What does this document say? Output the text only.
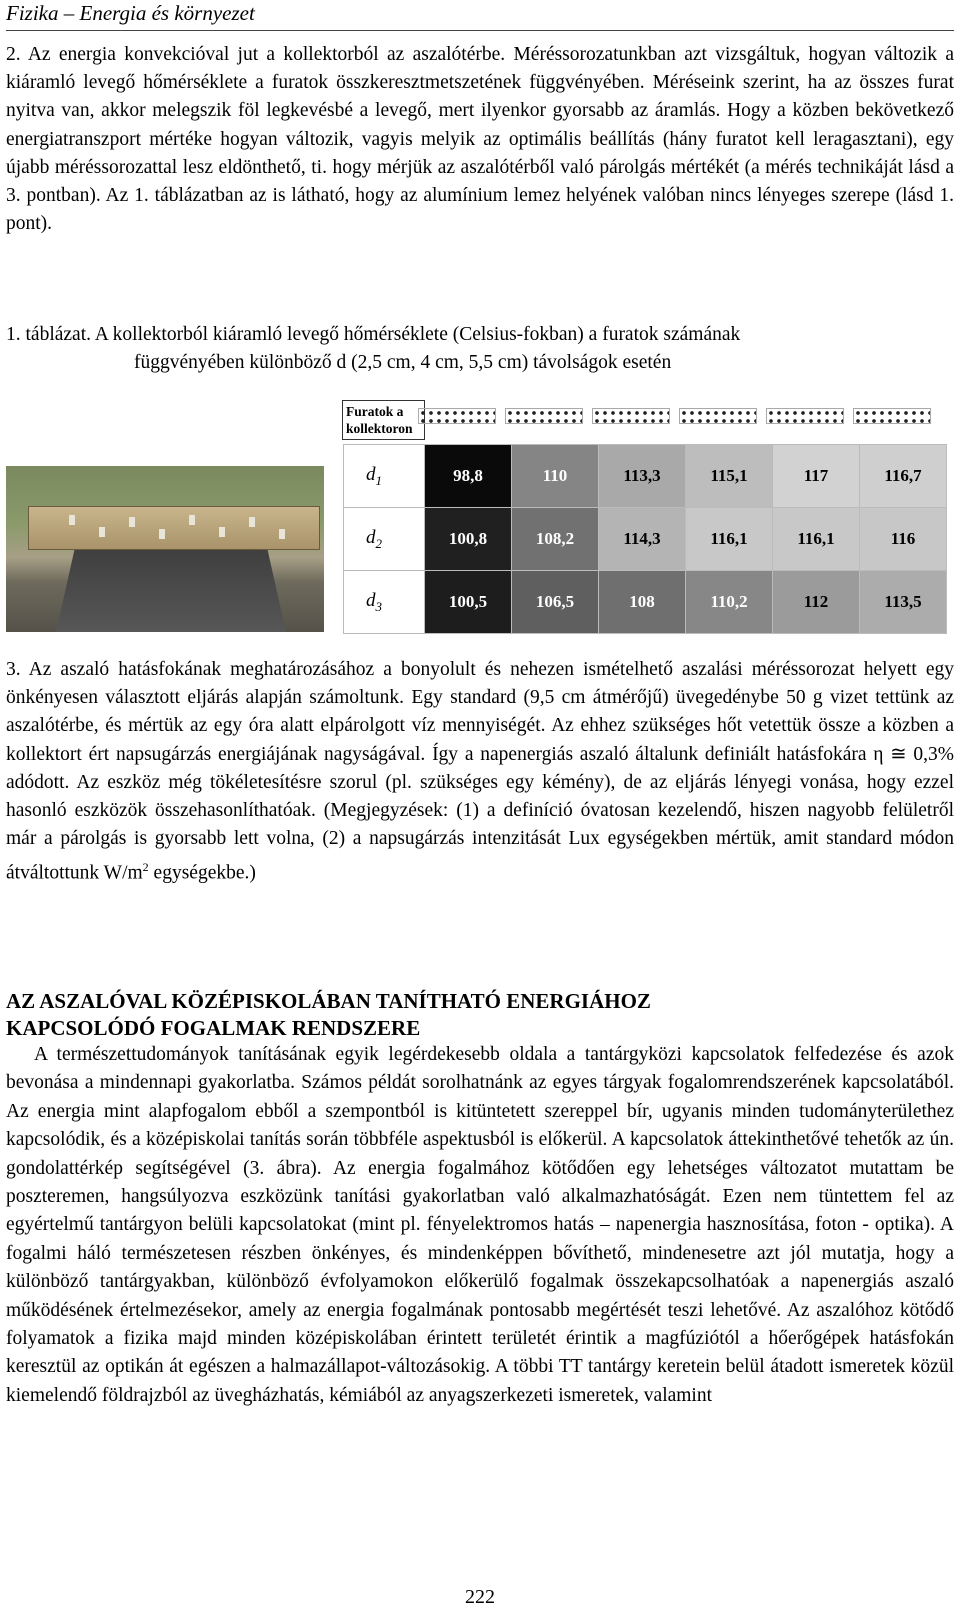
Fizika – Energia és környezet

2. Az energia konvekcióval jut a kollektorból az aszalótérbe. Méréssorozatunkban azt vizsgáltuk, hogyan változik a kiáramló levegő hőmérséklete a furatok összkeresztmetszetének függvényében. Méréseink szerint, ha az összes furat nyitva van, akkor melegszik föl legkevésbé a levegő, mert ilyenkor gyorsabb az áramlás. Hogy a közben bekövetkező energiatranszport mértéke hogyan változik, vagyis melyik az optimális beállítás (hány furatot kell leragasztani), egy újabb méréssorozattal lesz eldönthető, ti. hogy mérjük az aszalótérből való párolgás mértékét (a mérés technikáját lásd a 3. pontban). Az 1. táblázatban az is látható, hogy az alumínium lemez helyének valóban nincs lényeges szerepe (lásd 1. pont).

1. táblázat. A kollektorból kiáramló levegő hőmérséklete (Celsius-fokban) a furatok számának
függvényében különböző d (2,5 cm, 4 cm, 5,5 cm) távolságok esetén

Furatok a
kollektoron
$d_1$	98,8	110	113,3	115,1	117	116,7
$d_2$	100,8	108,2	114,3	116,1	116,1	116
$d_3$	100,5	106,5	108	110,2	112	113,5

3. Az aszaló hatásfokának meghatározásához a bonyolult és nehezen ismételhető aszalási méréssorozat helyett egy önkényesen választott eljárás alapján számoltunk. Egy standard (9,5 cm átmérőjű) üvegedénybe 50 g vizet tettünk az aszalótérbe, és mértük az egy óra alatt elpárolgott víz mennyiségét. Az ehhez szükséges hőt vetettük össze a közben a kollektort ért napsugárzás energiájának nagyságával. Így a napenergiás aszaló általunk definiált hatásfokára η ≅ 0,3% adódott. Az eszköz még tökéletesítésre szorul (pl. szükséges egy kémény), de az eljárás lényegi vonása, hogy ezzel hasonló eszközök összehasonlíthatóak. (Megjegyzések: (1) a definíció óvatosan kezelendő, hiszen nagyobb felületről már a párolgás is gyorsabb lett volna, (2) a napsugárzás intenzitását Lux egységekben mértük, amit standard módon átváltottunk $W/m^2$ egységekbe.)

AZ ASZALÓVAL KÖZÉPISKOLÁBAN TANÍTHATÓ ENERGIÁHOZ
KAPCSOLÓDÓ FOGALMAK RENDSZERE

A természettudományok tanításának egyik legérdekesebb oldala a tantárgyközi kapcsolatok felfedezése és azok bevonása a mindennapi gyakorlatba. Számos példát sorolhatnánk az egyes tárgyak fogalomrendszerének kapcsolatából. Az energia mint alapfogalom ebből a szempontból is kitüntetett szereppel bír, ugyanis minden tudományterülethez kapcsolódik, és a középiskolai tanítás során többféle aspektusból is előkerül. A kapcsolatok áttekinthetővé tehetők az ún. gondolattérkép segítségével (3. ábra). Az energia fogalmához kötődően egy lehetséges változatot mutattam be poszteremen, hangsúlyozva eszközünk tanítási gyakorlatban való alkalmazhatóságát. Ezen nem tüntettem fel az egyértelmű tantárgyon belüli kapcsolatokat (mint pl. fényelektromos hatás – napenergia hasznosítása, foton - optika). A fogalmi háló természetesen részben önkényes, és mindenképpen bővíthető, mindenesetre azt jól mutatja, hogy a különböző tantárgyakban, különböző évfolyamokon előkerülő fogalmak összekapcsolhatóak a napenergiás aszaló működésének értelmezésekor, amely az energia fogalmának pontosabb megértését teszi lehetővé. Az aszalóhoz kötődő folyamatok a fizika majd minden középiskolában érintett területét érintik a magfúziótól a hőerőgépek hatásfokán keresztül az optikán át egészen a halmazállapot-változásokig. A többi TT tantárgy keretein belül átadott ismeretek közül kiemelendő földrajzból az üvegházhatás, kémiából az anyagszerkezeti ismeretek, valamint

222
